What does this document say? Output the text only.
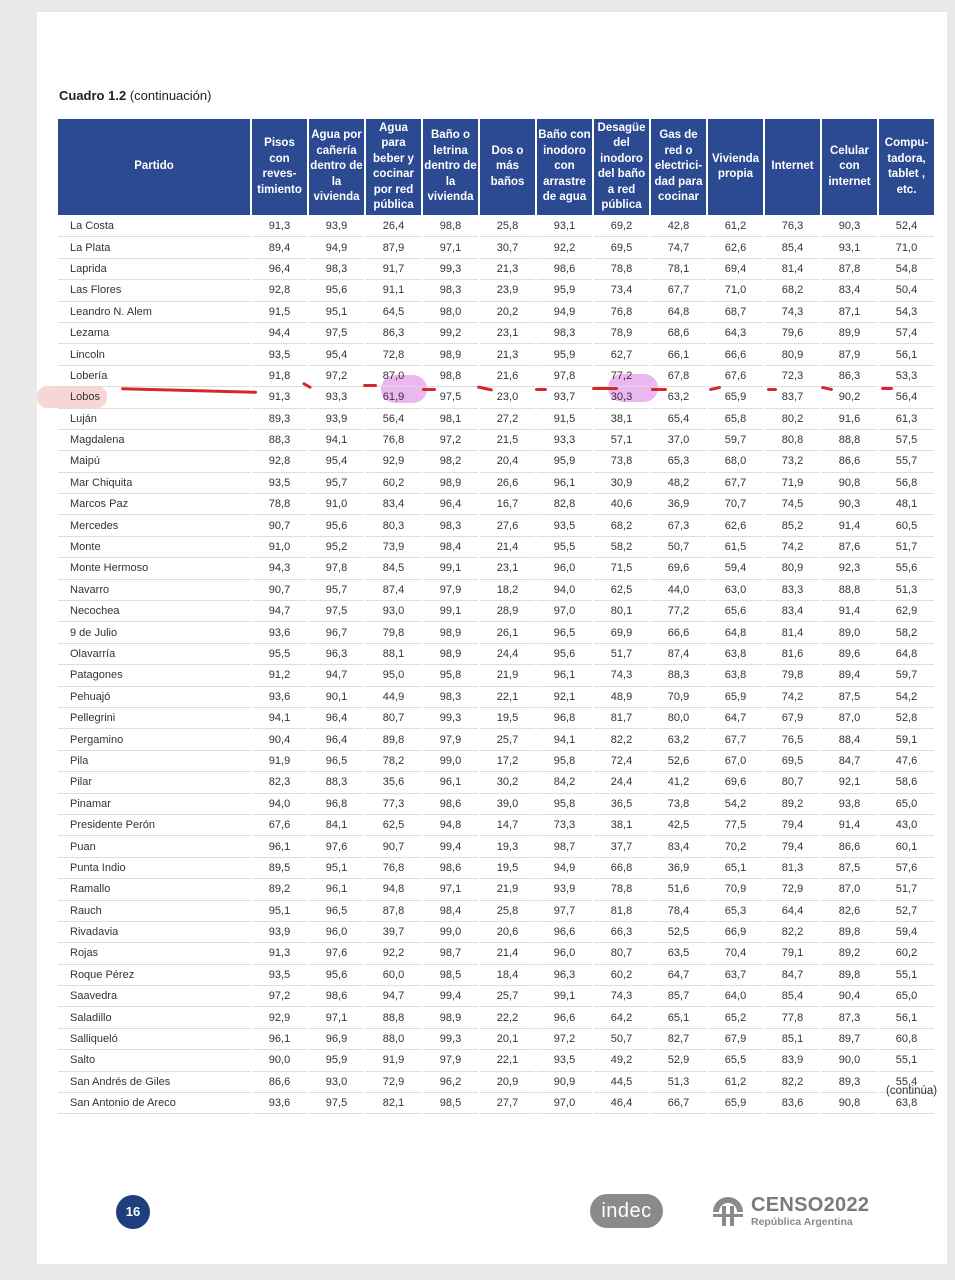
Cuadro 1.2 (continuación)
Partido	Pisos con reves-timiento	Agua por cañería dentro de la vivienda	Agua para beber y cocinar por red pública	Baño o letrina dentro de la vivienda	Dos o más baños	Baño con inodoro con arrastre de agua	Desagüe del inodoro del baño a red pública	Gas de red o electrici-dad para cocinar	Vivienda propia	Internet	Celular con internet	Compu-tadora, tablet , etc.
La Costa	91,3	93,9	26,4	98,8	25,8	93,1	69,2	42,8	61,2	76,3	90,3	52,4
La Plata	89,4	94,9	87,9	97,1	30,7	92,2	69,5	74,7	62,6	85,4	93,1	71,0
Laprida	96,4	98,3	91,7	99,3	21,3	98,6	78,8	78,1	69,4	81,4	87,8	54,8
Las Flores	92,8	95,6	91,1	98,3	23,9	95,9	73,4	67,7	71,0	68,2	83,4	50,4
Leandro N. Alem	91,5	95,1	64,5	98,0	20,2	94,9	76,8	64,8	68,7	74,3	87,1	54,3
Lezama	94,4	97,5	86,3	99,2	23,1	98,3	78,9	68,6	64,3	79,6	89,9	57,4
Lincoln	93,5	95,4	72,8	98,9	21,3	95,9	62,7	66,1	66,6	80,9	87,9	56,1
Lobería	91,8	97,2	87,0	98,8	21,6	97,8	77,2	67,8	67,6	72,3	86,3	53,3
Lobos	91,3	93,3	61,9	97,5	23,0	93,7	30,3	63,2	65,9	83,7	90,2	56,4
Luján	89,3	93,9	56,4	98,1	27,2	91,5	38,1	65,4	65,8	80,2	91,6	61,3
Magdalena	88,3	94,1	76,8	97,2	21,5	93,3	57,1	37,0	59,7	80,8	88,8	57,5
Maipú	92,8	95,4	92,9	98,2	20,4	95,9	73,8	65,3	68,0	73,2	86,6	55,7
Mar Chiquita	93,5	95,7	60,2	98,9	26,6	96,1	30,9	48,2	67,7	71,9	90,8	56,8
Marcos Paz	78,8	91,0	83,4	96,4	16,7	82,8	40,6	36,9	70,7	74,5	90,3	48,1
Mercedes	90,7	95,6	80,3	98,3	27,6	93,5	68,2	67,3	62,6	85,2	91,4	60,5
Monte	91,0	95,2	73,9	98,4	21,4	95,5	58,2	50,7	61,5	74,2	87,6	51,7
Monte Hermoso	94,3	97,8	84,5	99,1	23,1	96,0	71,5	69,6	59,4	80,9	92,3	55,6
Navarro	90,7	95,7	87,4	97,9	18,2	94,0	62,5	44,0	63,0	83,3	88,8	51,3
Necochea	94,7	97,5	93,0	99,1	28,9	97,0	80,1	77,2	65,6	83,4	91,4	62,9
9 de Julio	93,6	96,7	79,8	98,9	26,1	96,5	69,9	66,6	64,8	81,4	89,0	58,2
Olavarría	95,5	96,3	88,1	98,9	24,4	95,6	51,7	87,4	63,8	81,6	89,6	64,8
Patagones	91,2	94,7	95,0	95,8	21,9	96,1	74,3	88,3	63,8	79,8	89,4	59,7
Pehuajó	93,6	90,1	44,9	98,3	22,1	92,1	48,9	70,9	65,9	74,2	87,5	54,2
Pellegrini	94,1	96,4	80,7	99,3	19,5	96,8	81,7	80,0	64,7	67,9	87,0	52,8
Pergamino	90,4	96,4	89,8	97,9	25,7	94,1	82,2	63,2	67,7	76,5	88,4	59,1
Pila	91,9	96,5	78,2	99,0	17,2	95,8	72,4	52,6	67,0	69,5	84,7	47,6
Pilar	82,3	88,3	35,6	96,1	30,2	84,2	24,4	41,2	69,6	80,7	92,1	58,6
Pinamar	94,0	96,8	77,3	98,6	39,0	95,8	36,5	73,8	54,2	89,2	93,8	65,0
Presidente Perón	67,6	84,1	62,5	94,8	14,7	73,3	38,1	42,5	77,5	79,4	91,4	43,0
Puan	96,1	97,6	90,7	99,4	19,3	98,7	37,7	83,4	70,2	79,4	86,6	60,1
Punta Indio	89,5	95,1	76,8	98,6	19,5	94,9	66,8	36,9	65,1	81,3	87,5	57,6
Ramallo	89,2	96,1	94,8	97,1	21,9	93,9	78,8	51,6	70,9	72,9	87,0	51,7
Rauch	95,1	96,5	87,8	98,4	25,8	97,7	81,8	78,4	65,3	64,4	82,6	52,7
Rivadavia	93,9	96,0	39,7	99,0	20,6	96,6	66,3	52,5	66,9	82,2	89,8	59,4
Rojas	91,3	97,6	92,2	98,7	21,4	96,0	80,7	63,5	70,4	79,1	89,2	60,2
Roque Pérez	93,5	95,6	60,0	98,5	18,4	96,3	60,2	64,7	63,7	84,7	89,8	55,1
Saavedra	97,2	98,6	94,7	99,4	25,7	99,1	74,3	85,7	64,0	85,4	90,4	65,0
Saladillo	92,9	97,1	88,8	98,9	22,2	96,6	64,2	65,1	65,2	77,8	87,3	56,1
Salliqueló	96,1	96,9	88,0	99,3	20,1	97,2	50,7	82,7	67,9	85,1	89,7	60,8
Salto	90,0	95,9	91,9	97,9	22,1	93,5	49,2	52,9	65,5	83,9	90,0	55,1
San Andrés de Giles	86,6	93,0	72,9	96,2	20,9	90,9	44,5	51,3	61,2	82,2	89,3	55,4
San Antonio de Areco	93,6	97,5	82,1	98,5	27,7	97,0	46,4	66,7	65,9	83,6	90,8	63,8
(continúa)
16	indec	CENSO2022
República Argentina
